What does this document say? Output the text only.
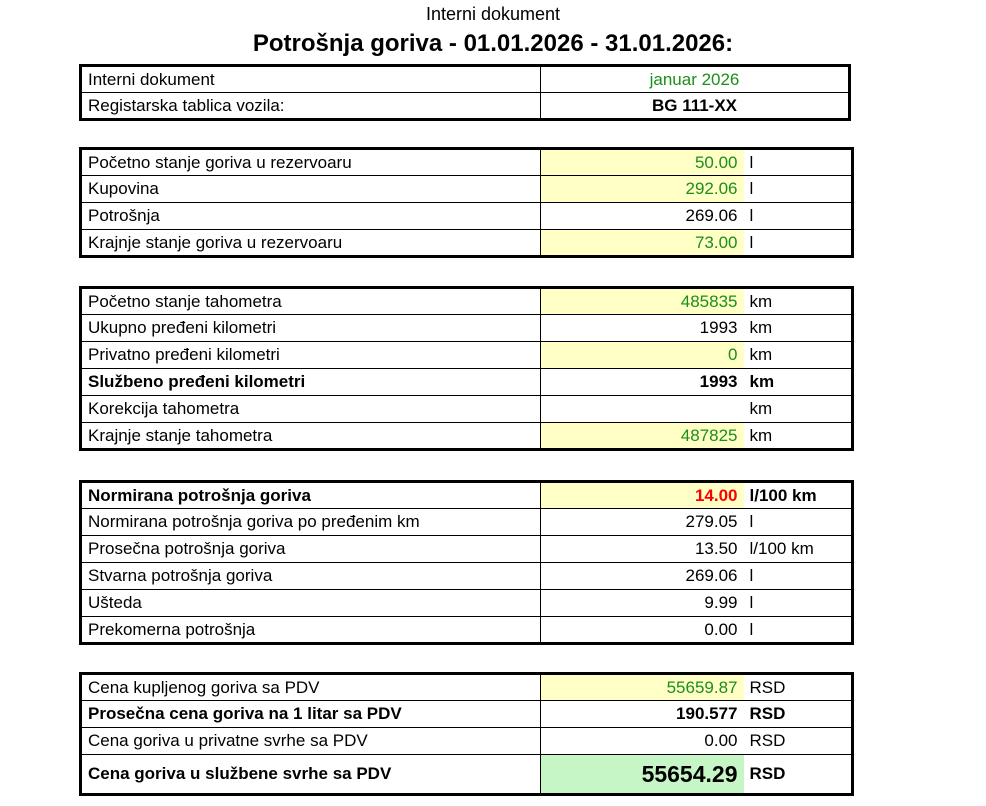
Interni dokument
Potrošnja goriva - 01.01.2026 - 31.01.2026:
Interni dokument	januar 2026
Registarska tablica vozila:	BG 111-XX
Početno stanje goriva u rezervoaru	50.00	l
Kupovina	292.06	l
Potrošnja	269.06	l
Krajnje stanje goriva u rezervoaru	73.00	l
Početno stanje tahometra	485835	km
Ukupno pređeni kilometri	1993	km
Privatno pređeni kilometri	0	km
Službeno pređeni kilometri	1993	km
Korekcija tahometra		km
Krajnje stanje tahometra	487825	km
Normirana potrošnja goriva	14.00	l/100 km
Normirana potrošnja goriva po pređenim km	279.05	l
Prosečna potrošnja goriva	13.50	l/100 km
Stvarna potrošnja goriva	269.06	l
Ušteda	9.99	l
Prekomerna potrošnja	0.00	l
Cena kupljenog goriva sa PDV	55659.87	RSD
Prosečna cena goriva na 1 litar sa PDV	190.577	RSD
Cena goriva u privatne svrhe sa PDV	0.00	RSD
Cena goriva u službene svrhe sa PDV	55654.29	RSD
